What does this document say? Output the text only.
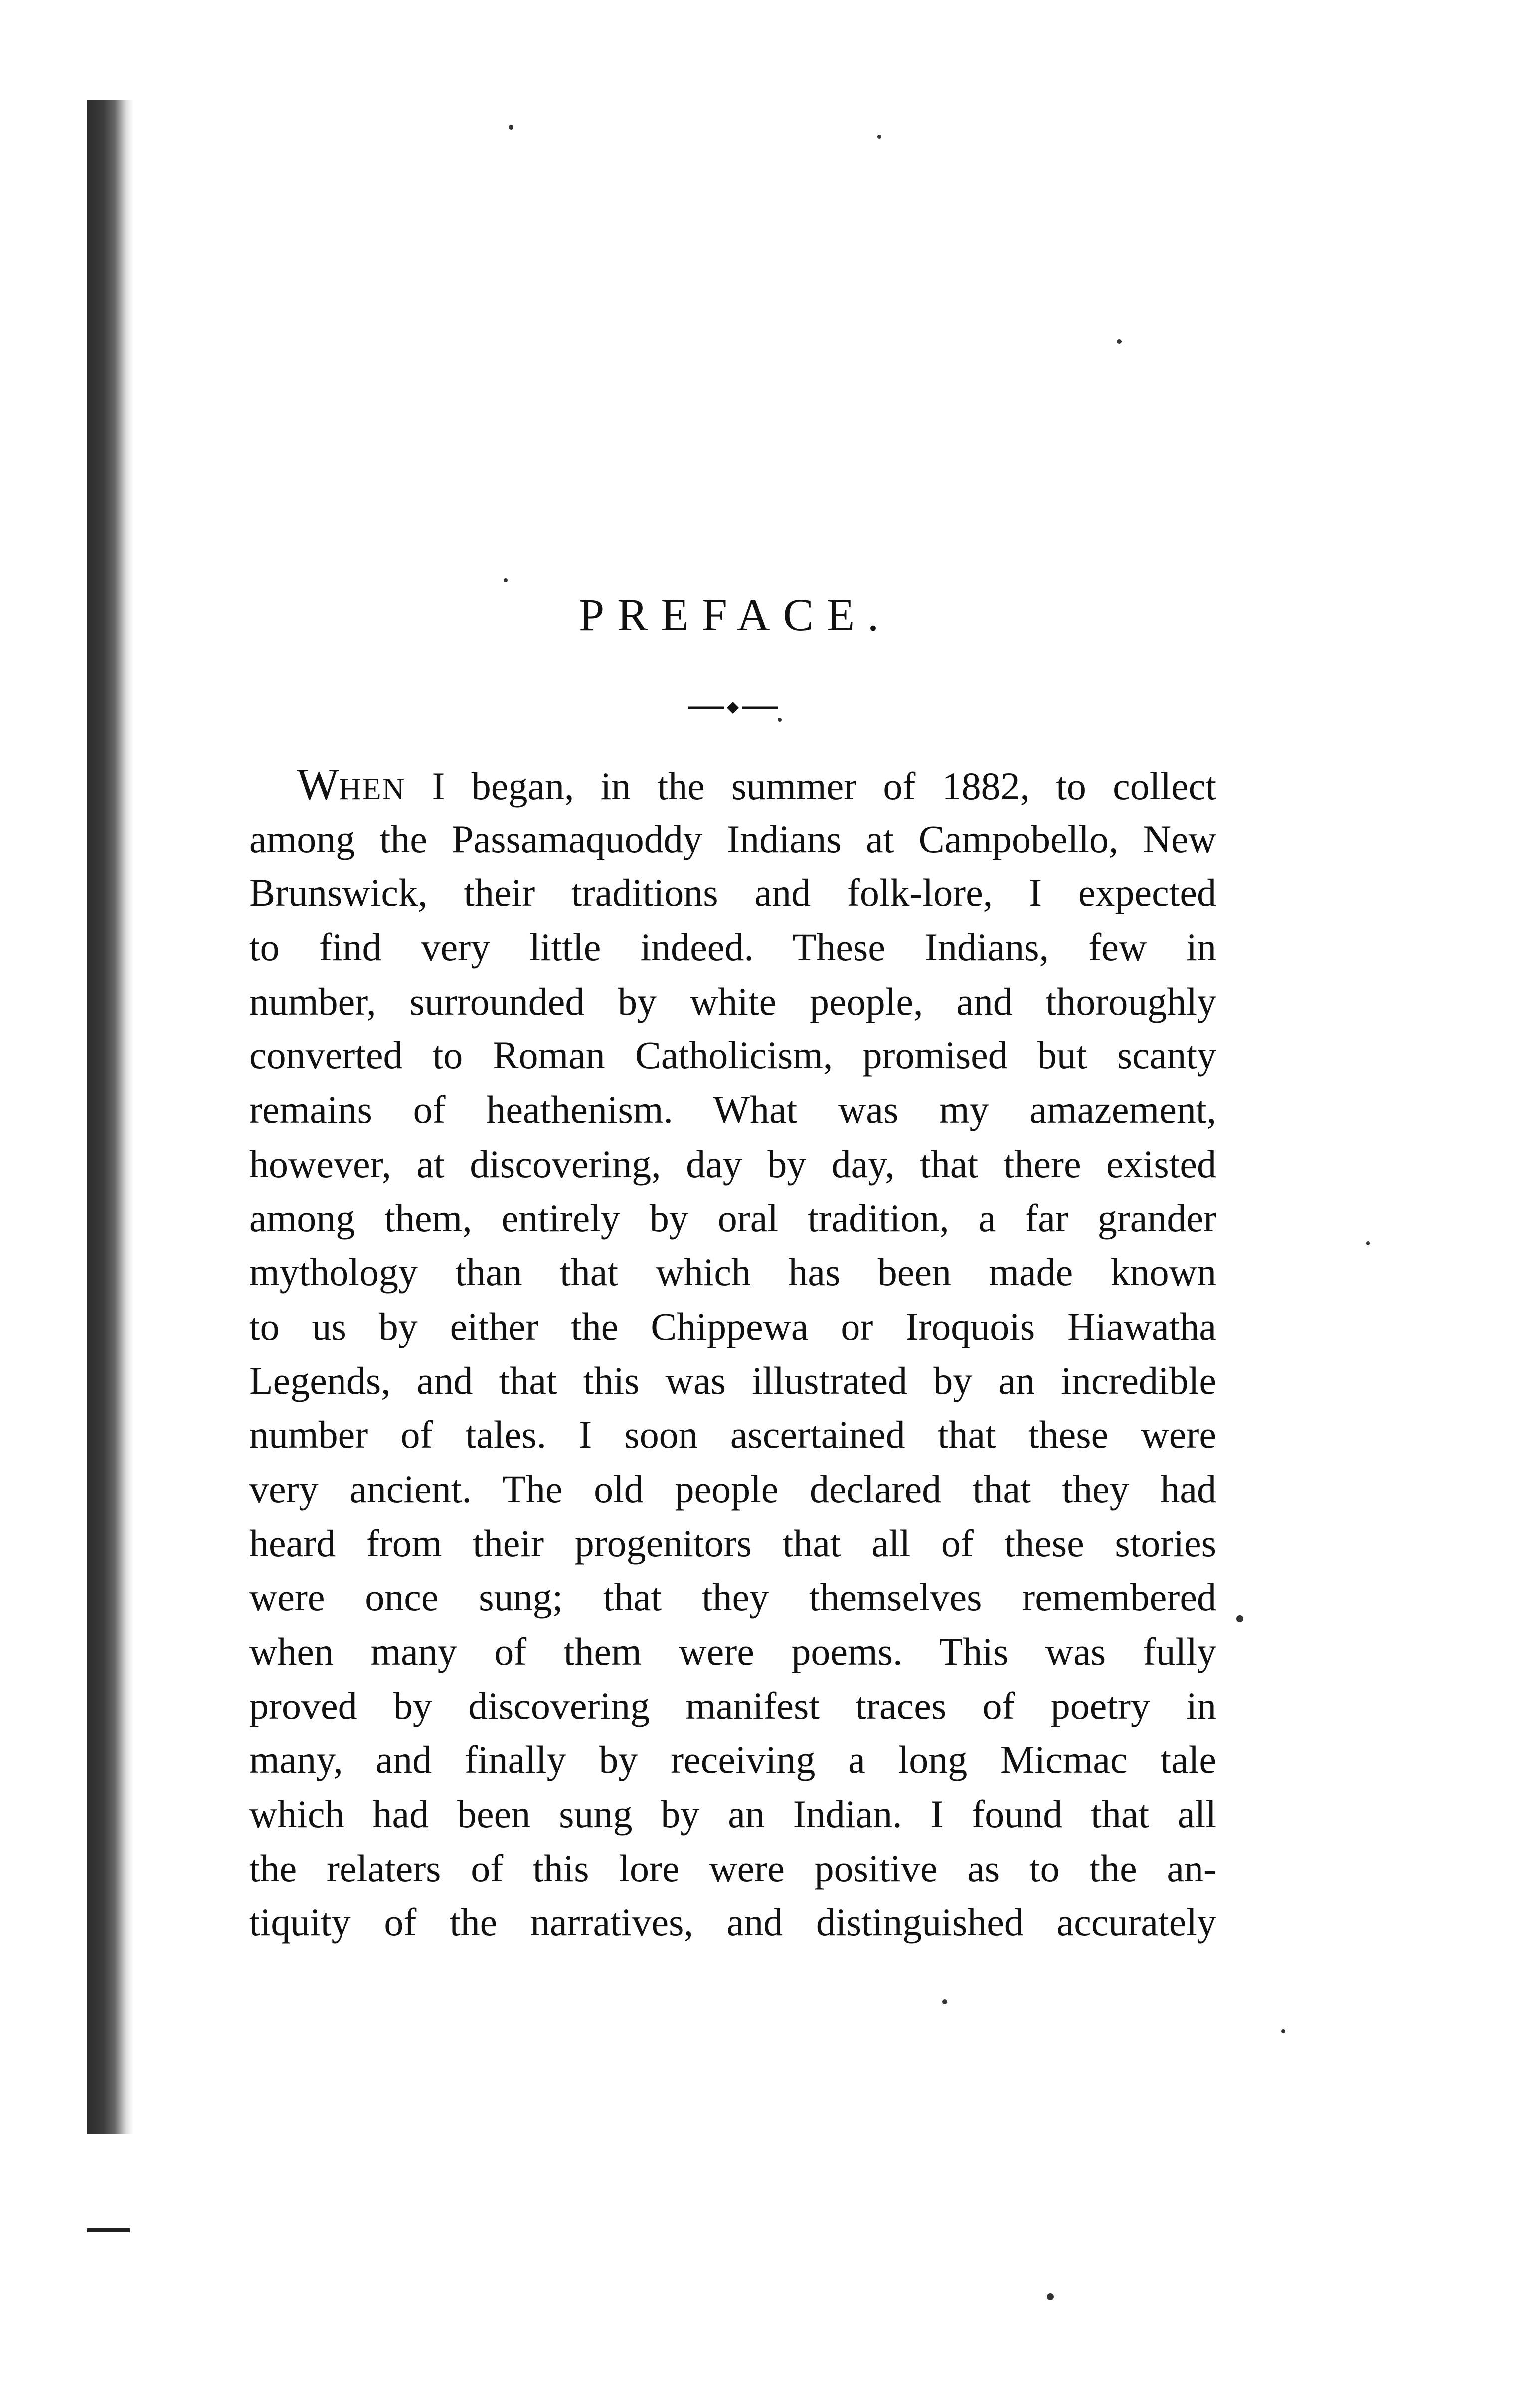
PREFACE.
WHEN I began, in the summer of 1882, to collect
among the Passamaquoddy Indians at Campobello, New
Brunswick, their traditions and folk-lore, I expected
to find very little indeed. These Indians, few in
number, surrounded by white people, and thoroughly
converted to Roman Catholicism, promised but scanty
remains of heathenism. What was my amazement,
however, at discovering, day by day, that there existed
among them, entirely by oral tradition, a far grander
mythology than that which has been made known
to us by either the Chippewa or Iroquois Hiawatha
Legends, and that this was illustrated by an incredible
number of tales. I soon ascertained that these were
very ancient. The old people declared that they had
heard from their progenitors that all of these stories
were once sung; that they themselves remembered
when many of them were poems. This was fully
proved by discovering manifest traces of poetry in
many, and finally by receiving a long Micmac tale
which had been sung by an Indian. I found that all
the relaters of this lore were positive as to the an-
tiquity of the narratives, and distinguished accurately
